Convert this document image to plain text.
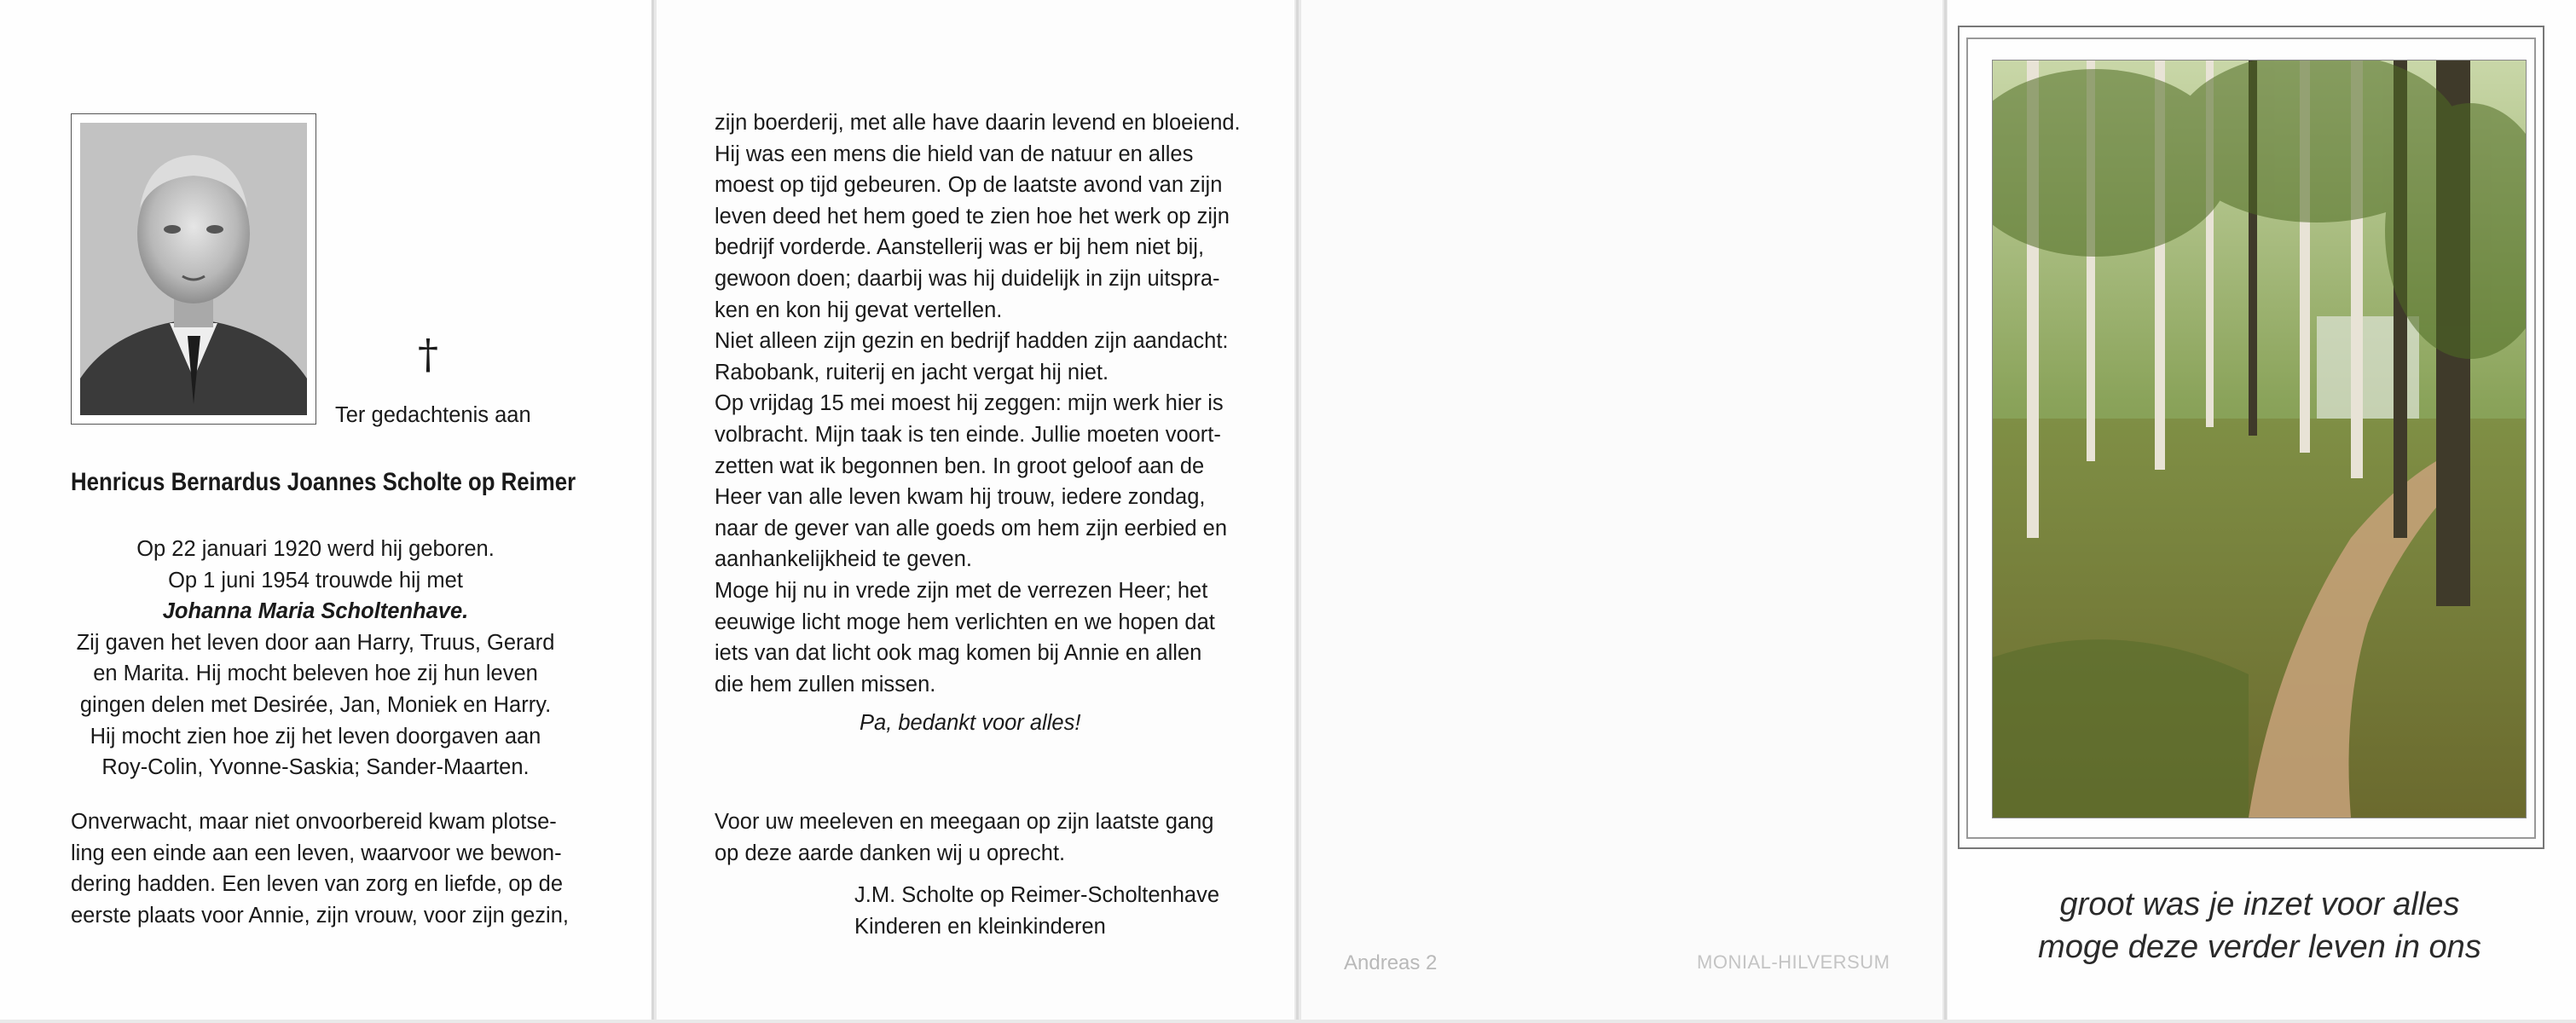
†
Ter gedachtenis aan
Henricus Bernardus Joannes Scholte op Reimer
Op 22 januari 1920 werd hij geboren.
Op 1 juni 1954 trouwde hij met
Johanna Maria Scholtenhave.
Zij gaven het leven door aan Harry, Truus, Gerard
en Marita. Hij mocht beleven hoe zij hun leven
gingen delen met Desirée, Jan, Moniek en Harry.
Hij mocht zien hoe zij het leven doorgaven aan
Roy-Colin, Yvonne-Saskia; Sander-Maarten.
Onverwacht, maar niet onvoorbereid kwam plotse-
ling een einde aan een leven, waarvoor we bewon-
dering hadden. Een leven van zorg en liefde, op de
eerste plaats voor Annie, zijn vrouw, voor zijn gezin,
zijn boerderij, met alle have daarin levend en bloeiend.
Hij was een mens die hield van de natuur en alles
moest op tijd gebeuren. Op de laatste avond van zijn
leven deed het hem goed te zien hoe het werk op zijn
bedrijf vorderde. Aanstellerij was er bij hem niet bij,
gewoon doen; daarbij was hij duidelijk in zijn uitspra-
ken en kon hij gevat vertellen.
Niet alleen zijn gezin en bedrijf hadden zijn aandacht:
Rabobank, ruiterij en jacht vergat hij niet.
Op vrijdag 15 mei moest hij zeggen: mijn werk hier is
volbracht. Mijn taak is ten einde. Jullie moeten voort-
zetten wat ik begonnen ben. In groot geloof aan de
Heer van alle leven kwam hij trouw, iedere zondag,
naar de gever van alle goeds om hem zijn eerbied en
aanhankelijkheid te geven.
Moge hij nu in vrede zijn met de verrezen Heer; het
eeuwige licht moge hem verlichten en we hopen dat
iets van dat licht ook mag komen bij Annie en allen
die hem zullen missen.
Pa, bedankt voor alles!
Voor uw meeleven en meegaan op zijn laatste gang
op deze aarde danken wij u oprecht.
J.M. Scholte op Reimer-Scholtenhave
Kinderen en kleinkinderen
Andreas 2	MONIAL-HILVERSUM
groot was je inzet voor alles
moge deze verder leven in ons
